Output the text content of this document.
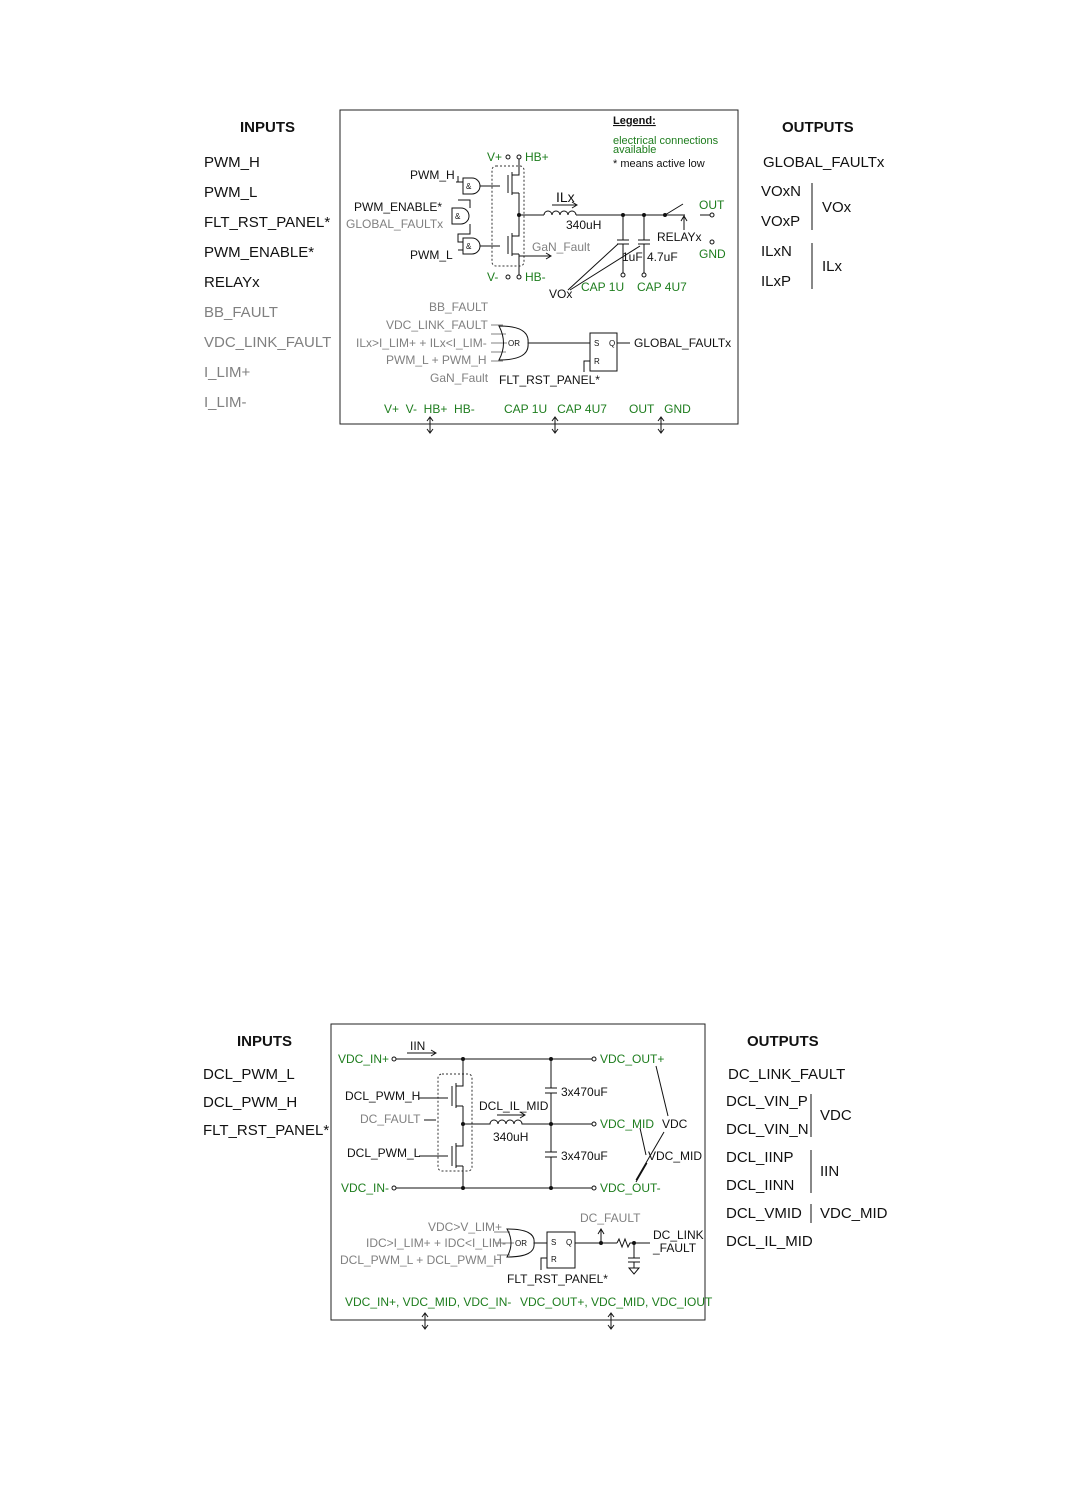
INPUTS
PWM_H
PWM_L
FLT_RST_PANEL*
PWM_ENABLE*
RELAYx
BB_FAULT
VDC_LINK_FAULT
I_LIM+
I_LIM-
OUTPUTS
GLOBAL_FAULTx
VOxN
VOxP
VOx
ILxN
ILxP
ILx
Legend:
electrical connections
available
* means active low
V+ HB+
V- HB-
&
&
&
PWM_H
PWM_ENABLE*
GLOBAL_FAULTx
PWM_L
GaN_Fault
ILx
340uH
1uF 4.7uF
OUT
GND
RELAYx
VOx CAP 1U CAP 4U7
BB_FAULT
VDC_LINK_FAULT
ILx>I_LIM+ + ILx<I_LIM-
PWM_L + PWM_H
GaN_Fault
OR	S Q
R
GLOBAL_FAULTx
FLT_RST_PANEL*
V+  V-  HB+  HB- CAP 1U   CAP 4U7 OUT   GND
INPUTS
DCL_PWM_L
DCL_PWM_H
FLT_RST_PANEL*
OUTPUTS
DC_LINK_FAULT
DCL_VIN_P
DCL_VIN_N
VDC
DCL_IINP
DCL_IINN
IIN
DCL_VMID VDC_MID
DCL_IL_MID
IIN
VDC_IN+
VDC_IN-
VDC_OUT+
VDC_MID
VDC_OUT-
VDC
VDC_MID
DCL_PWM_H
DC_FAULT
DCL_PWM_L
DCL_IL_MID
340uH
3x470uF
3x470uF
VDC>V_LIM+
IDC>I_LIM+ + IDC<I_LIM-
DCL_PWM_L + DCL_PWM_H
OR	S Q
R
DC_FAULT
DC_LINK
_FAULT
FLT_RST_PANEL*
VDC_IN+, VDC_MID, VDC_IN- VDC_OUT+, VDC_MID, VDC_IOUT
